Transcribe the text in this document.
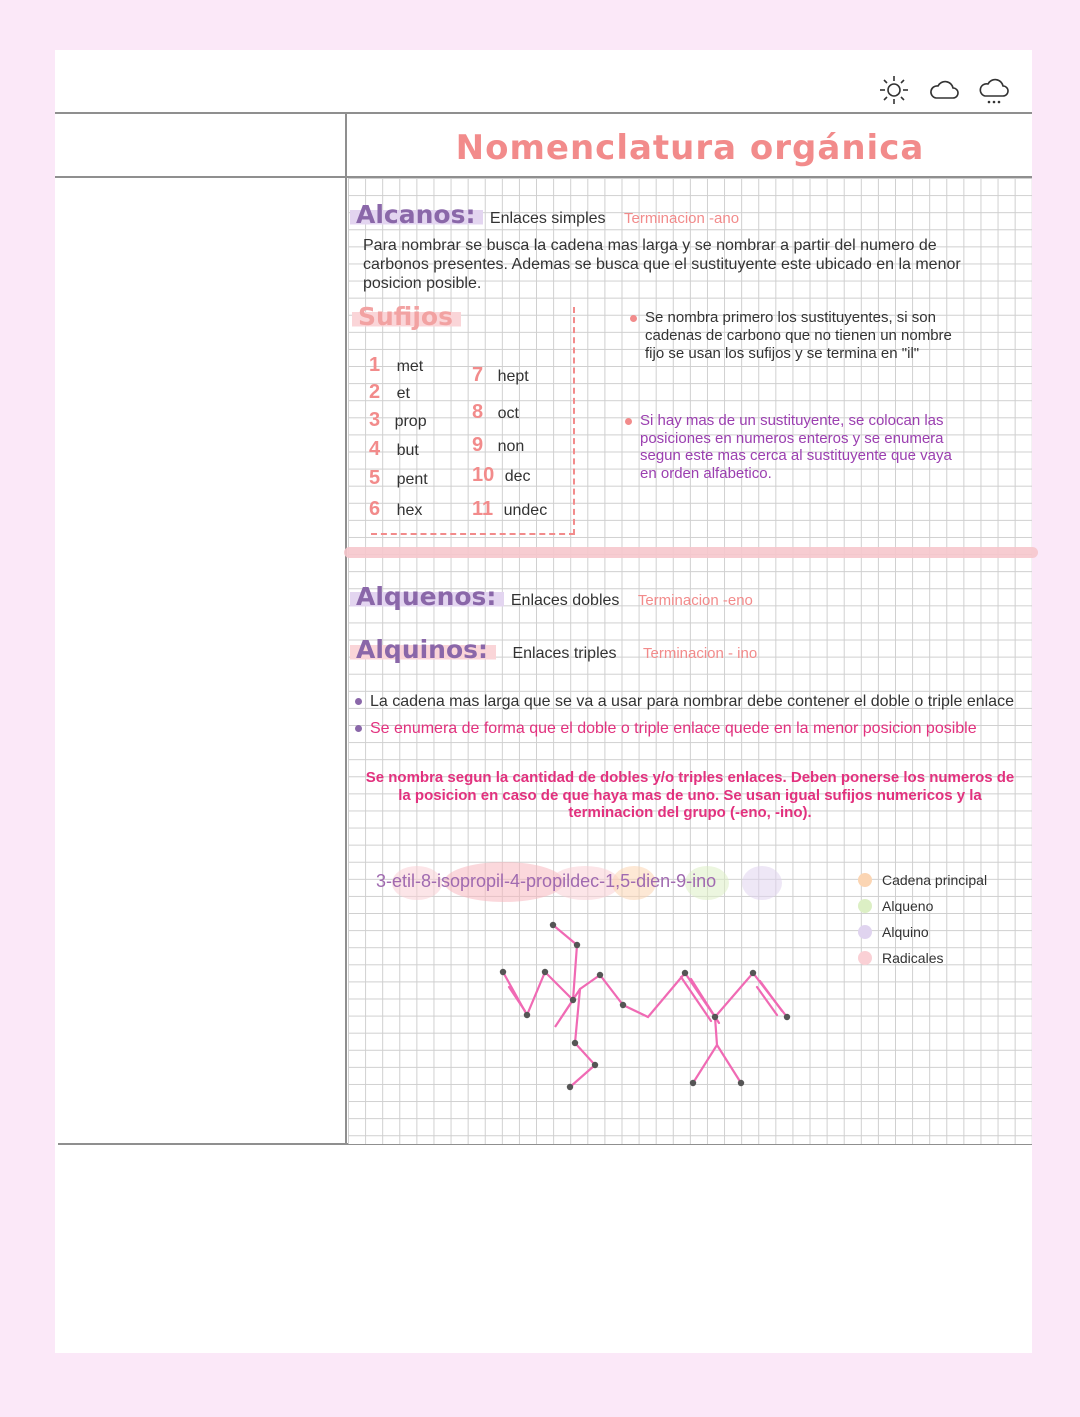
Nomenclatura orgánica
Alcanos: Enlaces simples Terminacion -ano
Para nombrar se busca la cadena mas larga y se nombrar a partir del numero de
carbonos presentes. Ademas se busca que el sustituyente este ubicado en la menor
posicion posible.
Sufijos
1 met
2 et
3 prop
4 but
5 pent
6 hex
7 hept
8 oct
9 non
10 dec
11 undec
Se nombra primero los sustituyentes, si son
cadenas de carbono que no tienen un nombre
fijo se usan los sufijos y se termina en "il"
Si hay mas de un sustituyente, se colocan las
posiciones en numeros enteros y se enumera
segun este mas cerca al sustituyente que vaya
en orden alfabetico.
Alquenos: Enlaces dobles Terminacion -eno
Alquinos: Enlaces triples Terminacion - ino
La cadena mas larga que se va a usar para nombrar debe contener el doble o triple enlace
Se enumera de forma que el doble o triple enlace quede en la menor posicion posible
Se nombra segun la cantidad de dobles y/o triples enlaces. Deben ponerse los numeros de
la posicion en caso de que haya mas de uno. Se usan igual sufijos numericos y la
terminacion del grupo (-eno, -ino).
3-etil-8-isopropil-4-propildec-1,5-dien-9-ino	Cadena principal
Alqueno
Alquino
Radicales
